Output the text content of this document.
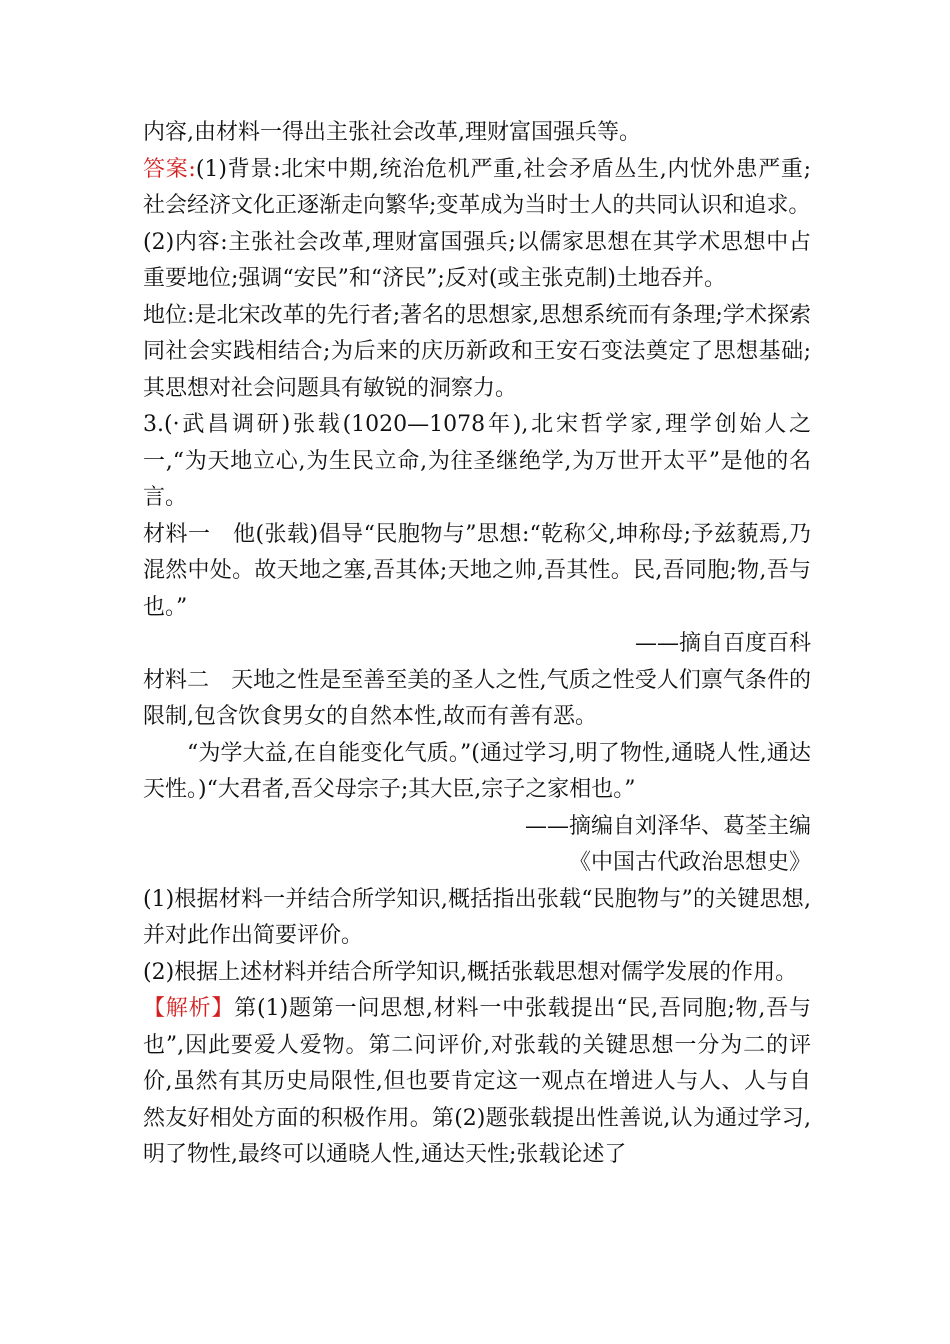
内容,由材料一得出主张社会改革,理财富国强兵等。

答案:(1)背景:北宋中期,统治危机严重,社会矛盾丛生,内忧外患严重;社会经济文化正逐渐走向繁华;变革成为当时士人的共同认识和追求。

(2)内容:主张社会改革,理财富国强兵;以儒家思想在其学术思想中占重要地位;强调“安民”和“济民”;反对(或主张克制)土地吞并。

地位:是北宋改革的先行者;著名的思想家,思想系统而有条理;学术探索同社会实践相结合;为后来的庆历新政和王安石变法奠定了思想基础;其思想对社会问题具有敏锐的洞察力。

3.(·武昌调研)张载(1020—1078年),北宋哲学家,理学创始人之一,“为天地立心,为生民立命,为往圣继绝学,为万世开太平”是他的名言。

材料一　他(张载)倡导“民胞物与”思想:“乾称父,坤称母;予兹藐焉,乃混然中处。故天地之塞,吾其体;天地之帅,吾其性。民,吾同胞;物,吾与也。”

——摘自百度百科

材料二　天地之性是至善至美的圣人之性,气质之性受人们禀气条件的限制,包含饮食男女的自然本性,故而有善有恶。

“为学大益,在自能变化气质。”(通过学习,明了物性,通晓人性,通达天性。)“大君者,吾父母宗子;其大臣,宗子之家相也。”

——摘编自刘泽华、葛荃主编

《中国古代政治思想史》

(1)根据材料一并结合所学知识,概括指出张载“民胞物与”的关键思想,并对此作出简要评价。

(2)根据上述材料并结合所学知识,概括张载思想对儒学发展的作用。

【解析】第(1)题第一问思想,材料一中张载提出“民,吾同胞;物,吾与也”,因此要爱人爱物。第二问评价,对张载的关键思想一分为二的评价,虽然有其历史局限性,但也要肯定这一观点在增进人与人、人与自然友好相处方面的积极作用。第(2)题张载提出性善说,认为通过学习,明了物性,最终可以通晓人性,通达天性;张载论述了
